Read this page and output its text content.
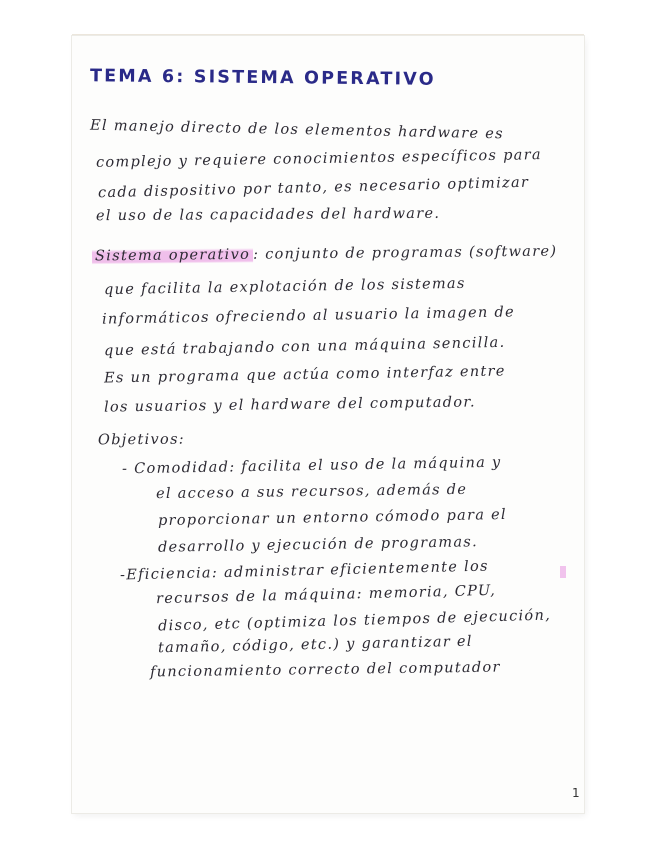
TEMA 6: SISTEMA OPERATIVO
El manejo directo de los elementos hardware es
complejo y requiere conocimientos específicos para
cada dispositivo por tanto, es necesario optimizar
el uso de las capacidades del hardware.
Sistema operativo : conjunto de programas (software)
que facilita la explotación de los sistemas
informáticos ofreciendo al usuario la imagen de
que está trabajando con una máquina sencilla.
Es un programa que actúa como interfaz entre
los usuarios y el hardware del computador.
Objetivos:
- Comodidad: facilita el uso de la máquina y
el acceso a sus recursos, además de
proporcionar un entorno cómodo para el
desarrollo y ejecución de programas.
-Eficiencia: administrar eficientemente los
recursos de la máquina: memoria, CPU,
disco, etc (optimiza los tiempos de ejecución,
tamaño, código, etc.) y garantizar el
funcionamiento correcto del computador
1
